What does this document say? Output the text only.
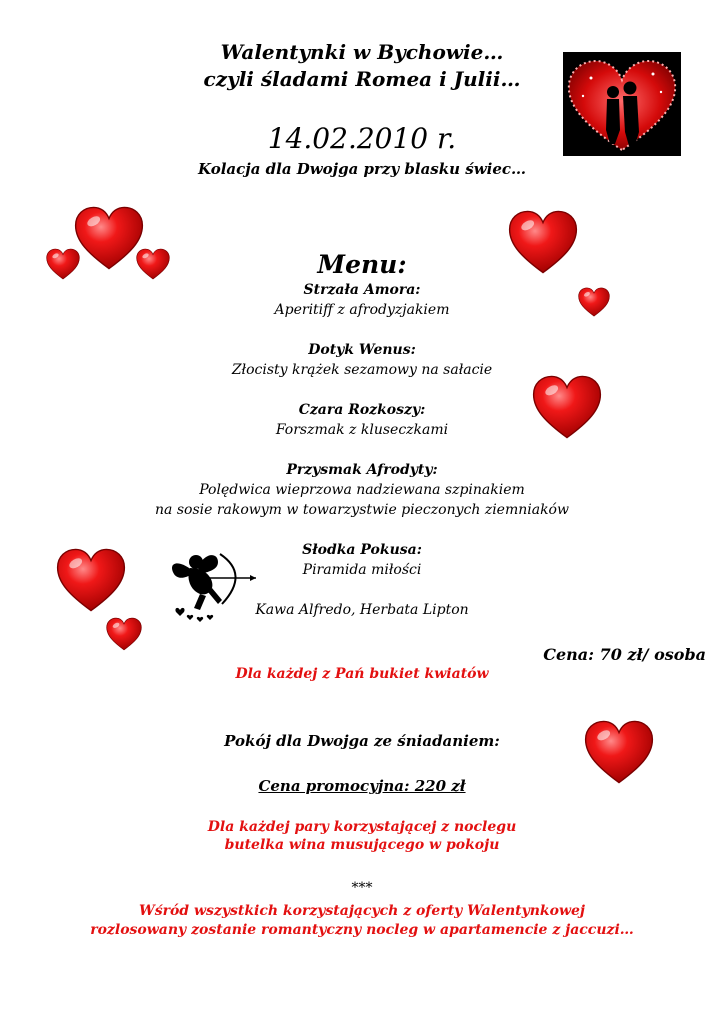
Walentynki w Bychowie…
czyli śladami Romea i Julii…
14.02.2010 r.
Kolacja dla Dwojga przy blasku świec…
Menu:
Strzała Amora:
Aperitiff z afrodyzjakiem
Dotyk Wenus:
Złocisty krążek sezamowy na sałacie
Czara Rozkoszy:
Forszmak z kluseczkami
Przysmak Afrodyty:
Polędwica wieprzowa nadziewana szpinakiem
na sosie rakowym w towarzystwie pieczonych ziemniaków
Słodka Pokusa:
Piramida miłości
Kawa Alfredo, Herbata Lipton
Cena: 70 zł/ osoba
Dla każdej z Pań bukiet kwiatów
Pokój dla Dwojga ze śniadaniem:
Cena promocyjna: 220 zł
Dla każdej pary korzystającej z noclegu
butelka wina musującego w pokoju
***
Wśród wszystkich korzystających z oferty Walentynkowej
rozlosowany zostanie romantyczny nocleg w apartamencie z jaccuzi…
